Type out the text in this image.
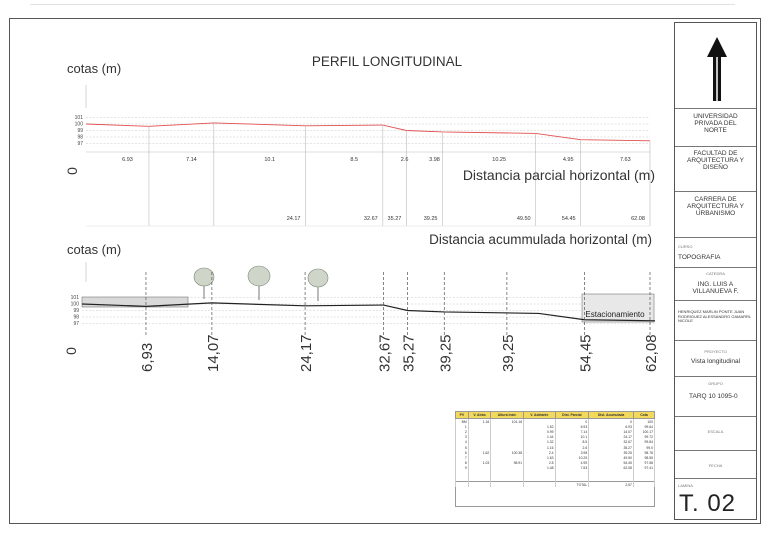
PERFIL LONGITUDINAL
cotas (m)
101
100
99
98
97
6.93	7.14	10.1	8.5	2.6	3.98	10.25	4.95	7.63
0	Distancia parcial horizontal (m)
24.17	32.67 35.27	39.25	49.50	54.45	62.08
Distancia acummulada horizontal (m)
cotas (m)
101
100
99
98
97
Estacionamiento
0	6,93	14,07	24,17	32,67 35,27 39,25	39,25	54,45	62,08
PV	V. Atrás	Altura Instr.	V. Adelante	Dist. Parcial	Dist. Acumulada	Cota
BM	1.16	101.16		0	0	100
1			1.52	6.93	6.93	99.64
2			0.99	7.14	14.07	100.17
3			1.44	10.1	24.17	99.72
4			1.32	8.5	32.67	99.84
5			1.16	2.6	35.27	99.0
6	1.62	100.38	2.4	3.98	39.25	98.78
7			1.63	10.25	49.50	98.55
8	1.03	98.91	2.8	4.95	54.45	97.58
9			1.48	7.63	62.08	97.41

				TOTAL	2,57	
UNIVERSIDAD PRIVADA DEL NORTE
FACULTAD DE ARQUITECTURA Y DISEÑO
CARRERA DE ARQUITECTURA Y URBANISMO
CURSO
TOPOGRAFIA
CATEDRA
ING. LUIS A VILLANUEVA F.
HENRIQUEZ MARLIN PONTE JUAN RODRIGUEZ ALESSANDRO GAMARRL NICOLE
PROYECTO
Vista longitudinal
GRUPO
TARQ 10 1095-0
ESCALA
FECHA
LAMINA
T. 02
